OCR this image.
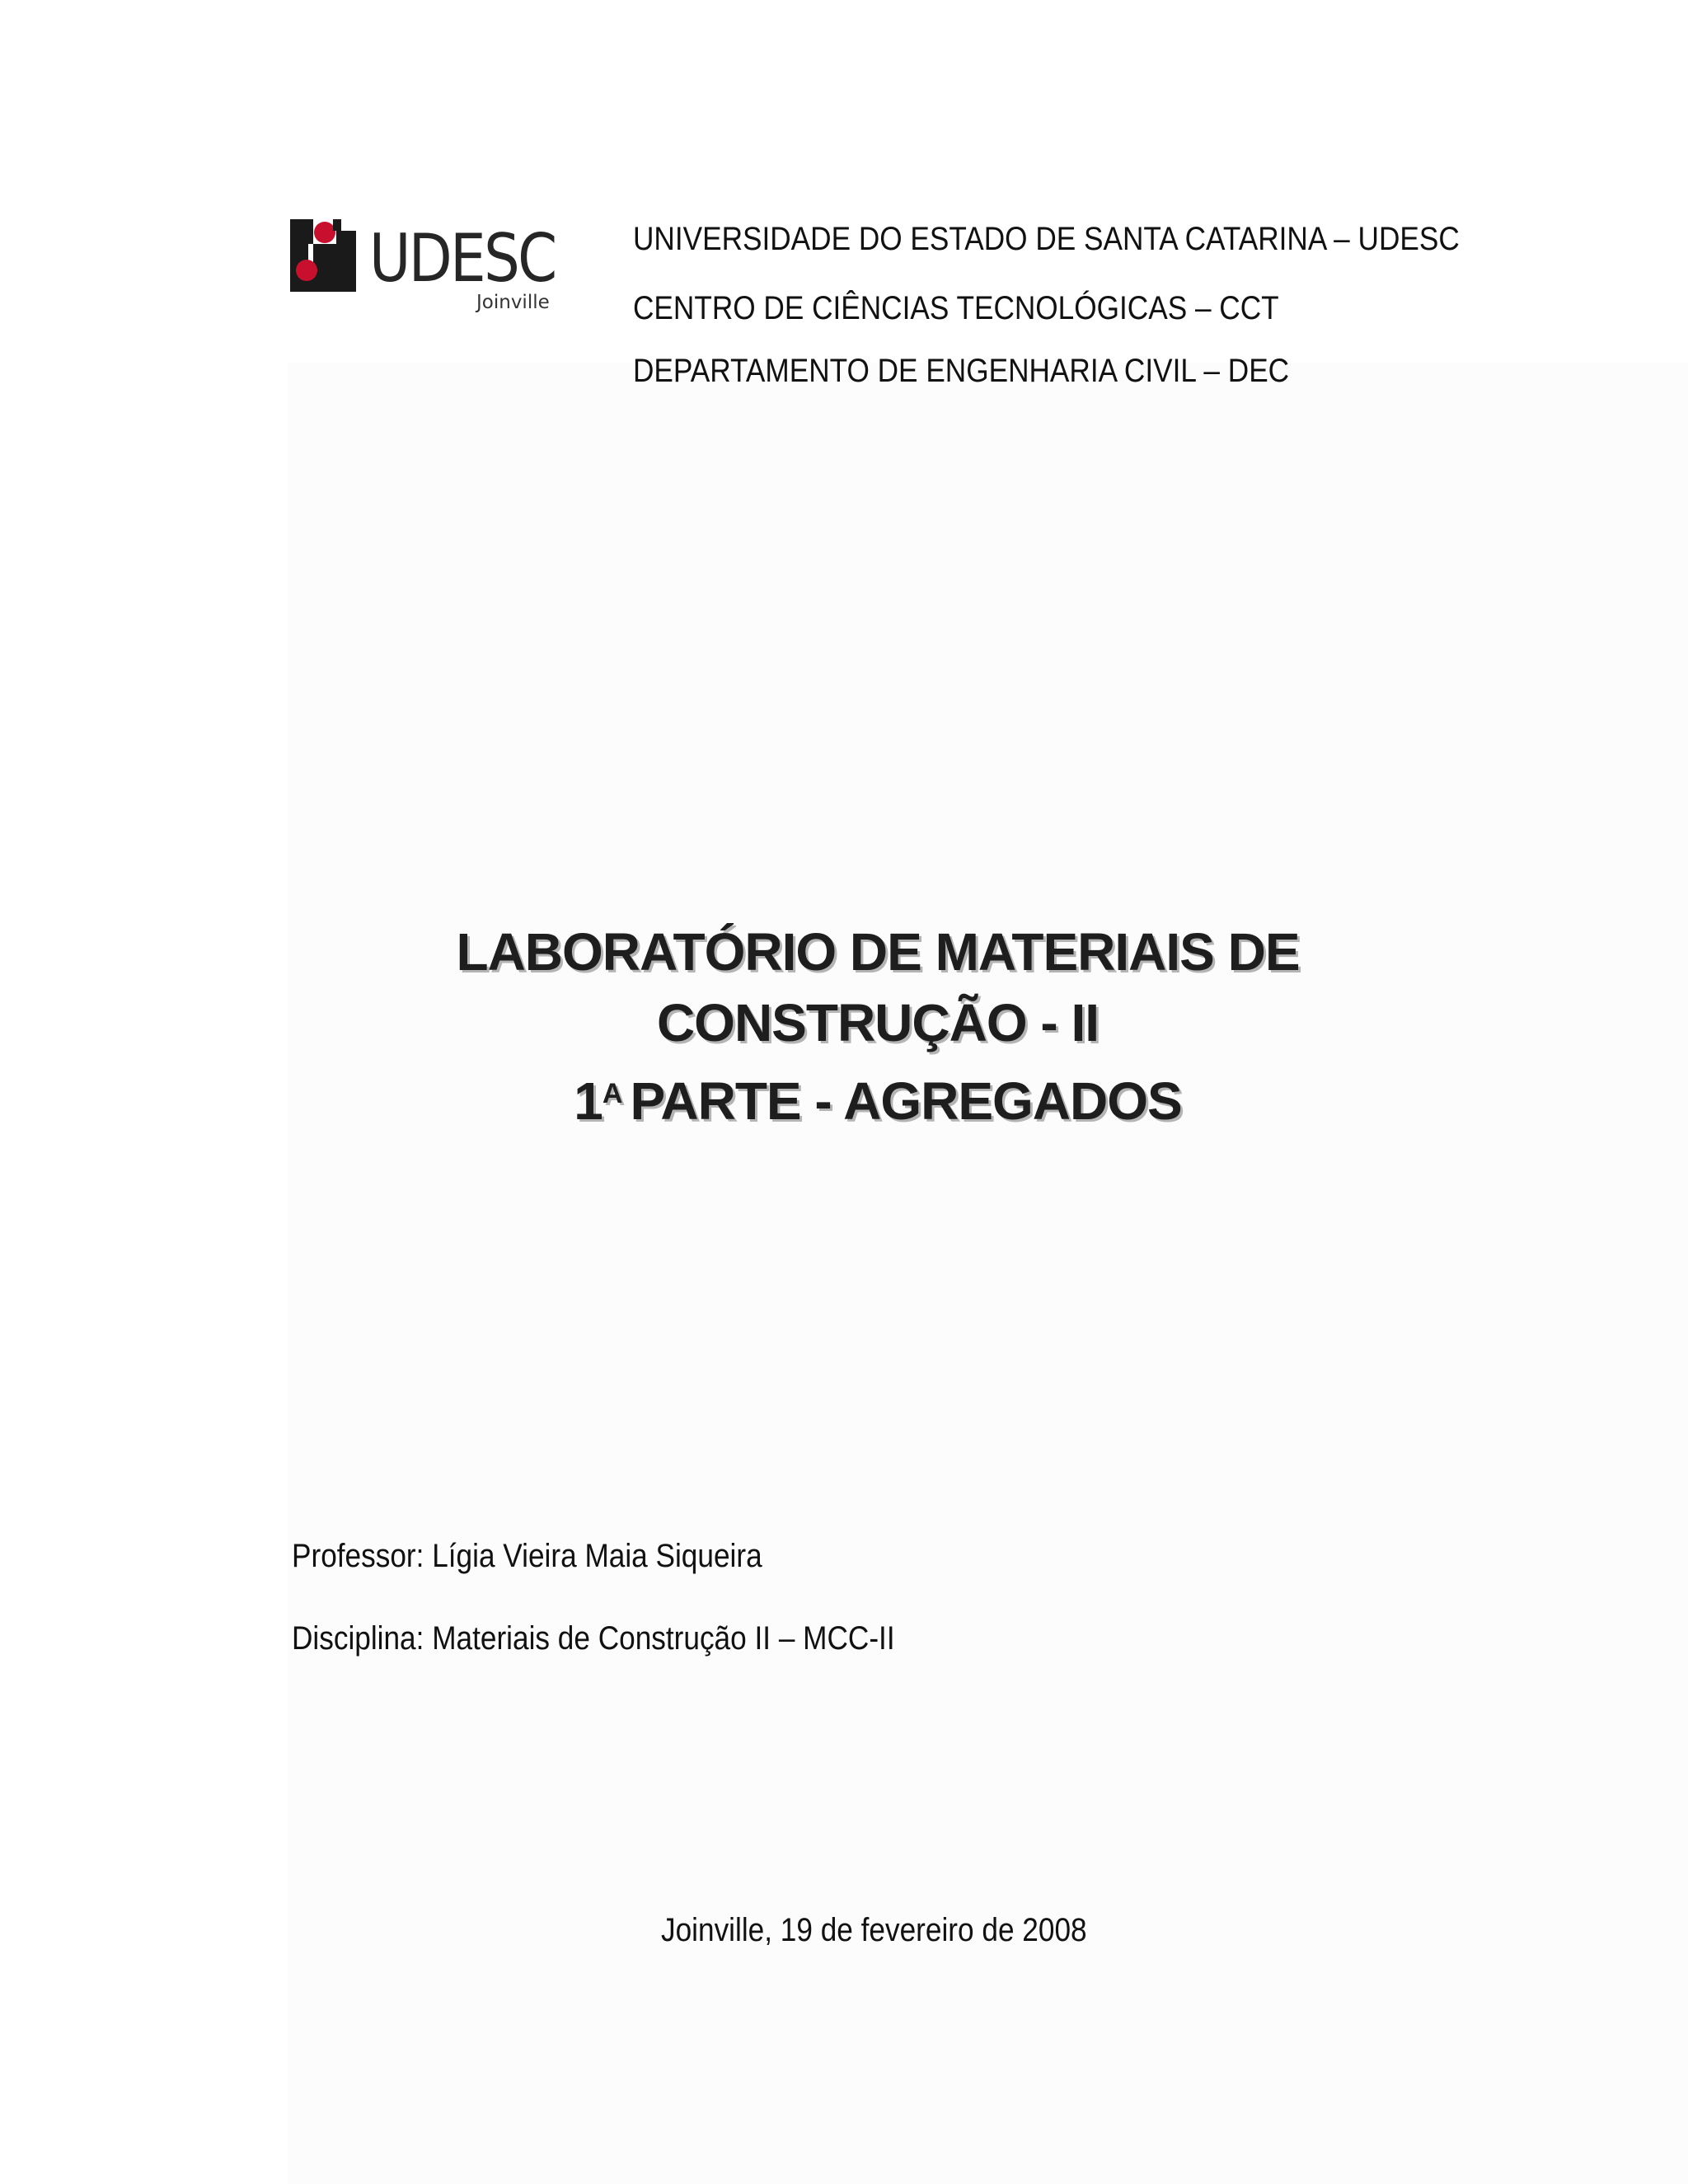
UDESC
Joinville
UNIVERSIDADE DO ESTADO DE SANTA CATARINA – UDESC
CENTRO DE CIÊNCIAS TECNOLÓGICAS – CCT
DEPARTAMENTO DE ENGENHARIA CIVIL – DEC
LABORATÓRIO DE MATERIAIS DE
CONSTRUÇÃO - II
$1^A$ PARTE - AGREGADOS
Professor: Lígia Vieira Maia Siqueira
Disciplina: Materiais de Construção II – MCC-II
Joinville, 19 de fevereiro de 2008
